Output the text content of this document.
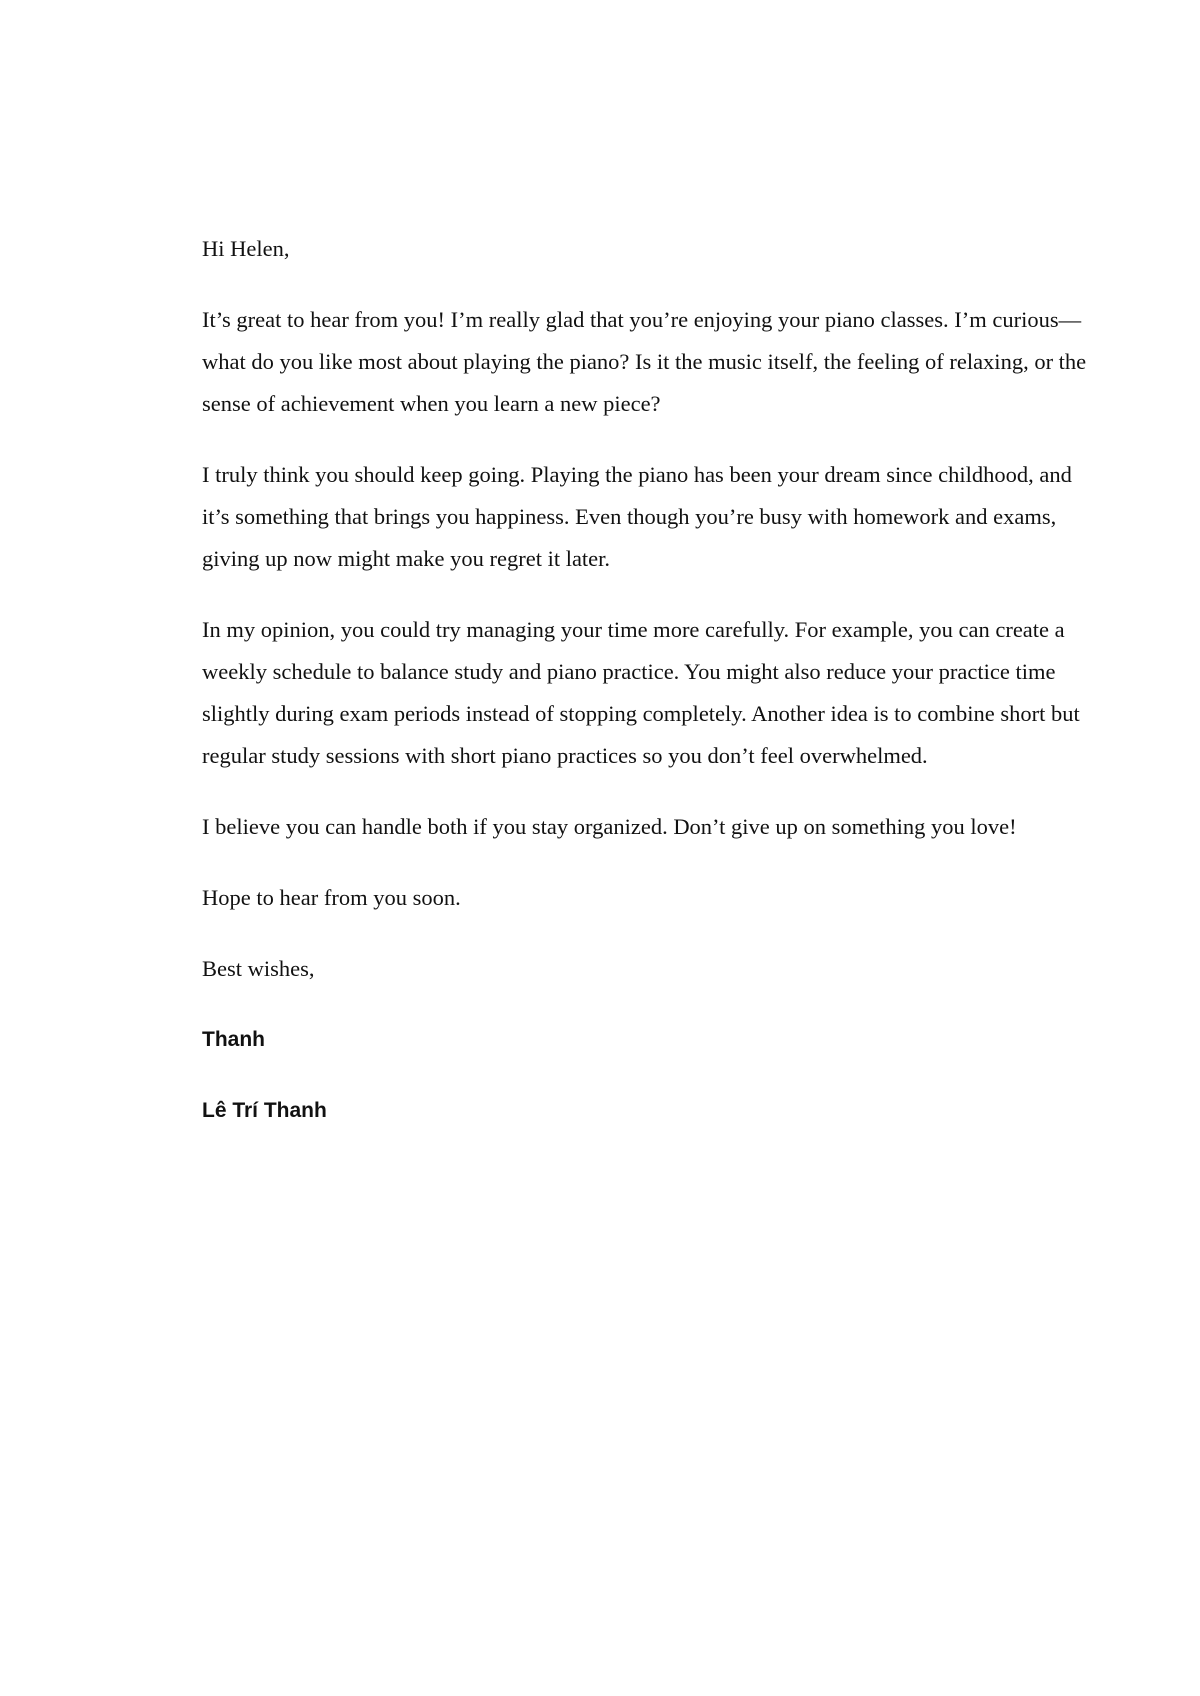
Hi Helen,

It’s great to hear from you! I’m really glad that you’re enjoying your piano classes. I’m curious—what do you like most about playing the piano? Is it the music itself, the feeling of relaxing, or the sense of achievement when you learn a new piece?

I truly think you should keep going. Playing the piano has been your dream since childhood, and it’s something that brings you happiness. Even though you’re busy with homework and exams, giving up now might make you regret it later.

In my opinion, you could try managing your time more carefully. For example, you can create a weekly schedule to balance study and piano practice. You might also reduce your practice time slightly during exam periods instead of stopping completely. Another idea is to combine short but regular study sessions with short piano practices so you don’t feel overwhelmed.

I believe you can handle both if you stay organized. Don’t give up on something you love!

Hope to hear from you soon.

Best wishes,

Thanh

Lê Trí Thanh
